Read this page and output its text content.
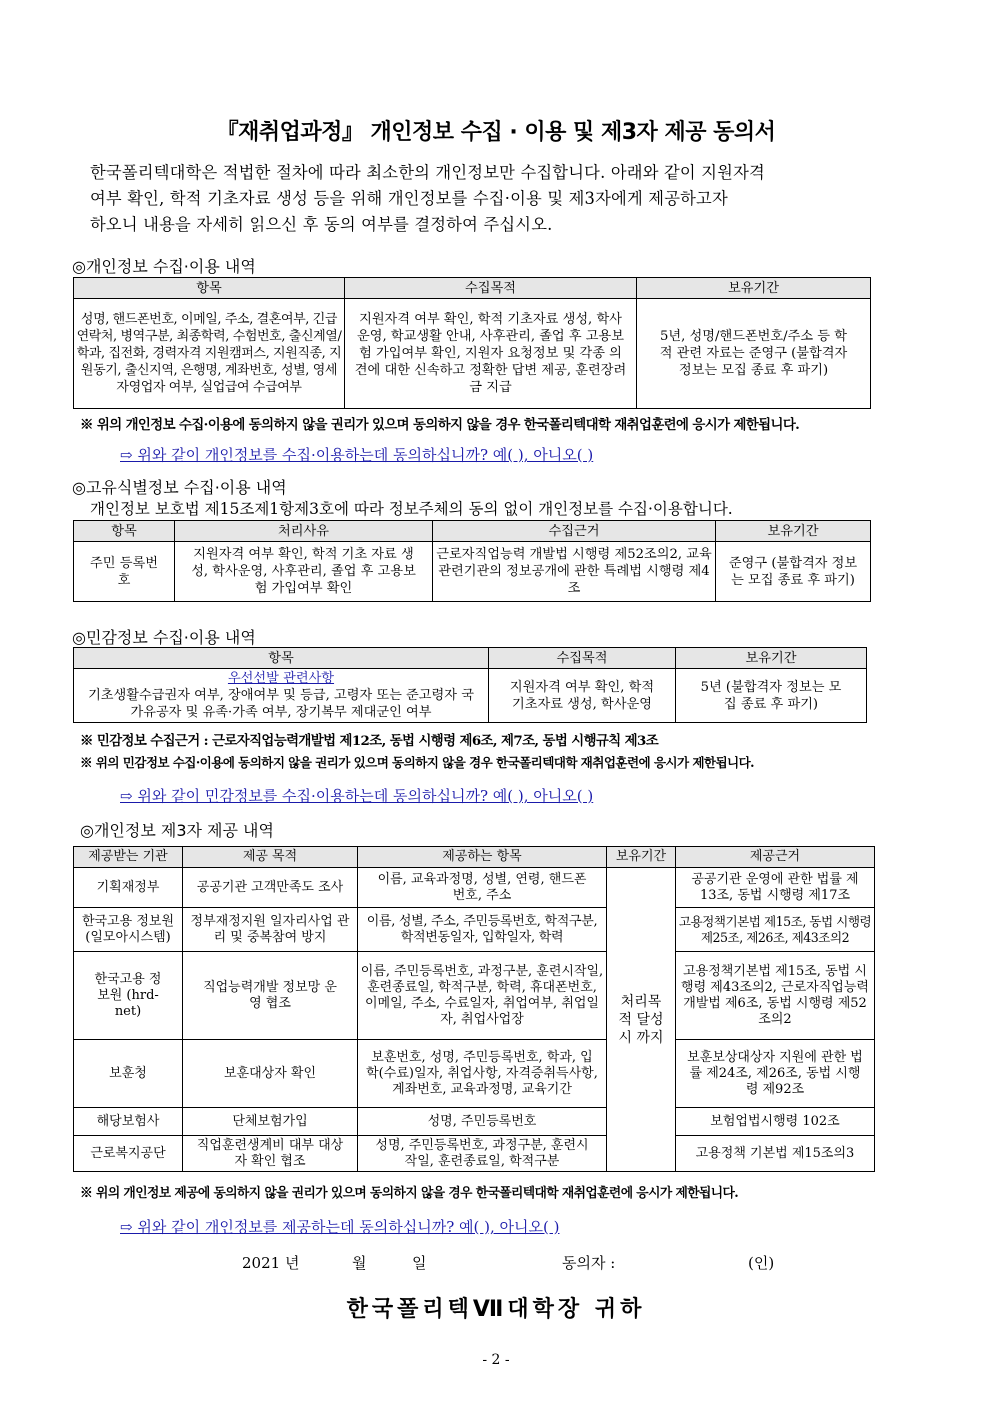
『재취업과정』 개인정보 수집 · 이용 및 제3자 제공 동의서
한국폴리텍대학은 적법한 절차에 따라 최소한의 개인정보만 수집합니다. 아래와 같이 지원자격
여부 확인, 학적 기초자료 생성 등을 위해 개인정보를 수집·이용 및 제3자에게 제공하고자
하오니 내용을 자세히 읽으신 후 동의 여부를 결정하여 주십시오.
◎개인정보 수집·이용 내역
항목	수집목적	보유기간
성명, 핸드폰번호, 이메일, 주소, 결혼여부, 긴급연락처, 병역구분, 최종학력, 수험번호, 출신계열/학과, 집전화, 경력자격 지원캠퍼스, 지원직종, 지원동기, 출신지역, 은행명, 계좌번호, 성별, 영세자영업자 여부, 실업급여 수급여부	지원자격 여부 확인, 학적 기초자료 생성, 학사운영, 학교생활 안내, 사후관리, 졸업 후 고용보험 가입여부 확인, 지원자 요청정보 및 각종 의견에 대한 신속하고 정확한 답변 제공, 훈련장려금 지급	5년, 성명/핸드폰번호/주소 등 학적 관련 자료는 준영구 (불합격자 정보는 모집 종료 후 파기)
※ 위의 개인정보 수집·이용에 동의하지 않을 권리가 있으며 동의하지 않을 경우 한국폴리텍대학 재취업훈련에 응시가 제한됩니다.
⇨ 위와 같이 개인정보를 수집·이용하는데 동의하십니까? 예( ), 아니오( )
◎고유식별정보 수집·이용 내역
개인정보 보호법 제15조제1항제3호에 따라 정보주체의 동의 없이 개인정보를 수집·이용합니다.
항목	처리사유	수집근거	보유기간
주민 등록번호	지원자격 여부 확인, 학적 기초 자료 생성, 학사운영, 사후관리, 졸업 후 고용보험 가입여부 확인	근로자직업능력 개발법 시행령 제52조의2, 교육관련기관의 정보공개에 관한 특례법 시행령 제4조	준영구 (불합격자 정보는 모집 종료 후 파기)
◎민감정보 수집·이용 내역
항목	수집목적	보유기간

우선선발 관련사항
기초생활수급권자 여부, 장애여부 및 등급, 고령자 또는 준고령자 국가유공자 및 유족·가족 여부, 장기복무 제대군인 여부	지원자격 여부 확인, 학적 기초자료 생성, 학사운영	5년 (불합격자 정보는 모집 종료 후 파기)
※ 민감정보 수집근거 : 근로자직업능력개발법 제12조, 동법 시행령 제6조, 제7조, 동법 시행규칙 제3조
※ 위의 민감정보 수집·이용에 동의하지 않을 권리가 있으며 동의하지 않을 경우 한국폴리텍대학 재취업훈련에 응시가 제한됩니다.
⇨ 위와 같이 민감정보를 수집·이용하는데 동의하십니까? 예( ), 아니오( )
◎개인정보 제3자 제공 내역
제공받는 기관	제공 목적	제공하는 항목	보유기간	제공근거
기획재정부	공공기관 고객만족도 조사	이름, 교육과정명, 성별, 연령, 핸드폰번호, 주소	처리목적 달성시 까지	공공기관 운영에 관한 법률 제13조, 동법 시행령 제17조
한국고용 정보원 (일모아시스템)	정부재정지원 일자리사업 관리 및 중복참여 방지	이름, 성별, 주소, 주민등록번호, 학적구분, 학적변동일자, 입학일자, 학력		고용정책기본법 제15조, 동법 시행령 제25조, 제26조, 제43조의2
한국고용 정보원 (hrd-net)	직업능력개발 정보망 운영 협조	이름, 주민등록번호, 과정구분, 훈련시작일, 훈련종료일, 학적구분, 학력, 휴대폰번호, 이메일, 주소, 수료일자, 취업여부, 취업일자, 취업사업장		고용정책기본법 제15조, 동법 시행령 제43조의2, 근로자직업능력 개발법 제6조, 동법 시행령 제52조의2
보훈청	보훈대상자 확인	보훈번호, 성명, 주민등록번호, 학과, 입학(수료)일자, 취업사항, 자격증취득사항, 계좌번호, 교육과정명, 교육기간		보훈보상대상자 지원에 관한 법률 제24조, 제26조, 동법 시행령 제92조
해당보험사	단체보험가입	성명, 주민등록번호		보험업법시행령 102조
근로복지공단	직업훈련생계비 대부 대상자 확인 협조	성명, 주민등록번호, 과정구분, 훈련시작일, 훈련종료일, 학적구분		고용정책 기본법 제15조의3
※ 위의 개인정보 제공에 동의하지 않을 권리가 있으며 동의하지 않을 경우 한국폴리텍대학 재취업훈련에 응시가 제한됩니다.
⇨ 위와 같이 개인정보를 제공하는데 동의하십니까? 예( ), 아니오( )
2021 년	월	일	동의자 :	(인)
한국폴리텍Ⅶ대학장 귀하
- 2 -
